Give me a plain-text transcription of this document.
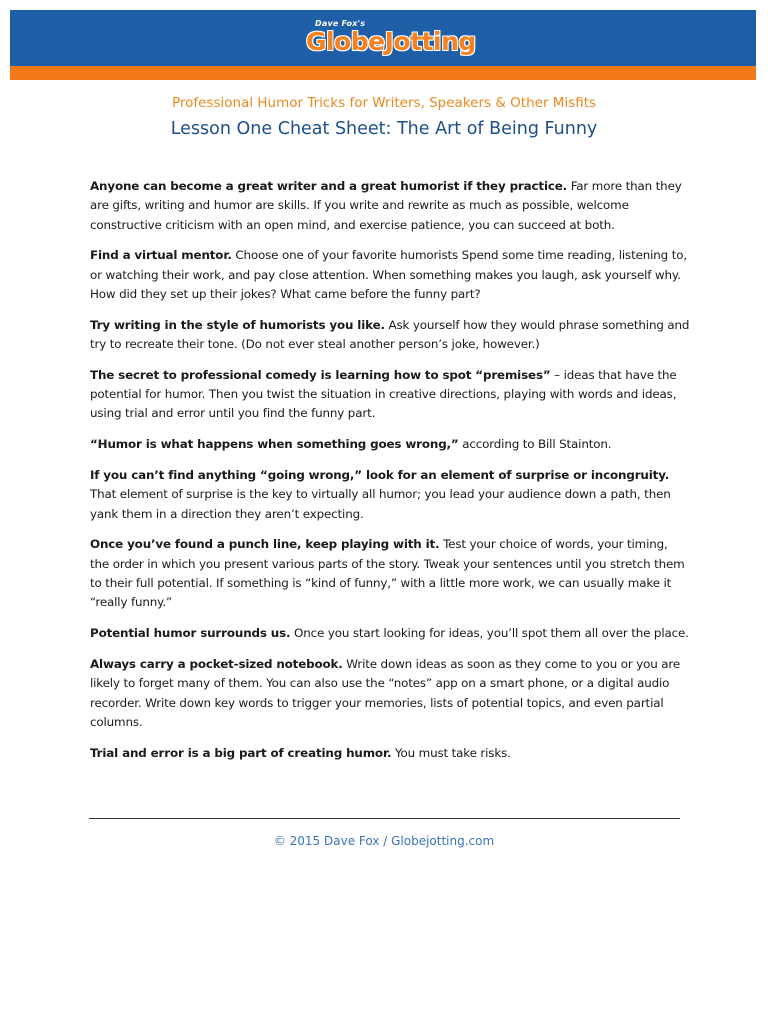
Dave Fox's
GlobeJotting
Professional Humor Tricks for Writers, Speakers & Other Misfits
Lesson One Cheat Sheet: The Art of Being Funny

Anyone can become a great writer and a great humorist if they practice. Far more than they are gifts, writing and humor are skills. If you write and rewrite as much as possible, welcome constructive criticism with an open mind, and exercise patience, you can succeed at both.

Find a virtual mentor. Choose one of your favorite humorists Spend some time reading, listening to, or watching their work, and pay close attention. When something makes you laugh, ask yourself why. How did they set up their jokes? What came before the funny part?

Try writing in the style of humorists you like. Ask yourself how they would phrase something and try to recreate their tone. (Do not ever steal another person’s joke, however.)

The secret to professional comedy is learning how to spot “premises” – ideas that have the potential for humor. Then you twist the situation in creative directions, playing with words and ideas, using trial and error until you find the funny part.

“Humor is what happens when something goes wrong,” according to Bill Stainton.

If you can’t find anything “going wrong,” look for an element of surprise or incongruity. That element of surprise is the key to virtually all humor; you lead your audience down a path, then yank them in a direction they aren’t expecting.

Once you’ve found a punch line, keep playing with it. Test your choice of words, your timing, the order in which you present various parts of the story. Tweak your sentences until you stretch them to their full potential. If something is “kind of funny,” with a little more work, we can usually make it “really funny.”

Potential humor surrounds us. Once you start looking for ideas, you’ll spot them all over the place.

Always carry a pocket-sized notebook. Write down ideas as soon as they come to you or you are likely to forget many of them. You can also use the “notes” app on a smart phone, or a digital audio recorder. Write down key words to trigger your memories, lists of potential topics, and even partial columns.

Trial and error is a big part of creating humor. You must take risks.

© 2015 Dave Fox / Globejotting.com
